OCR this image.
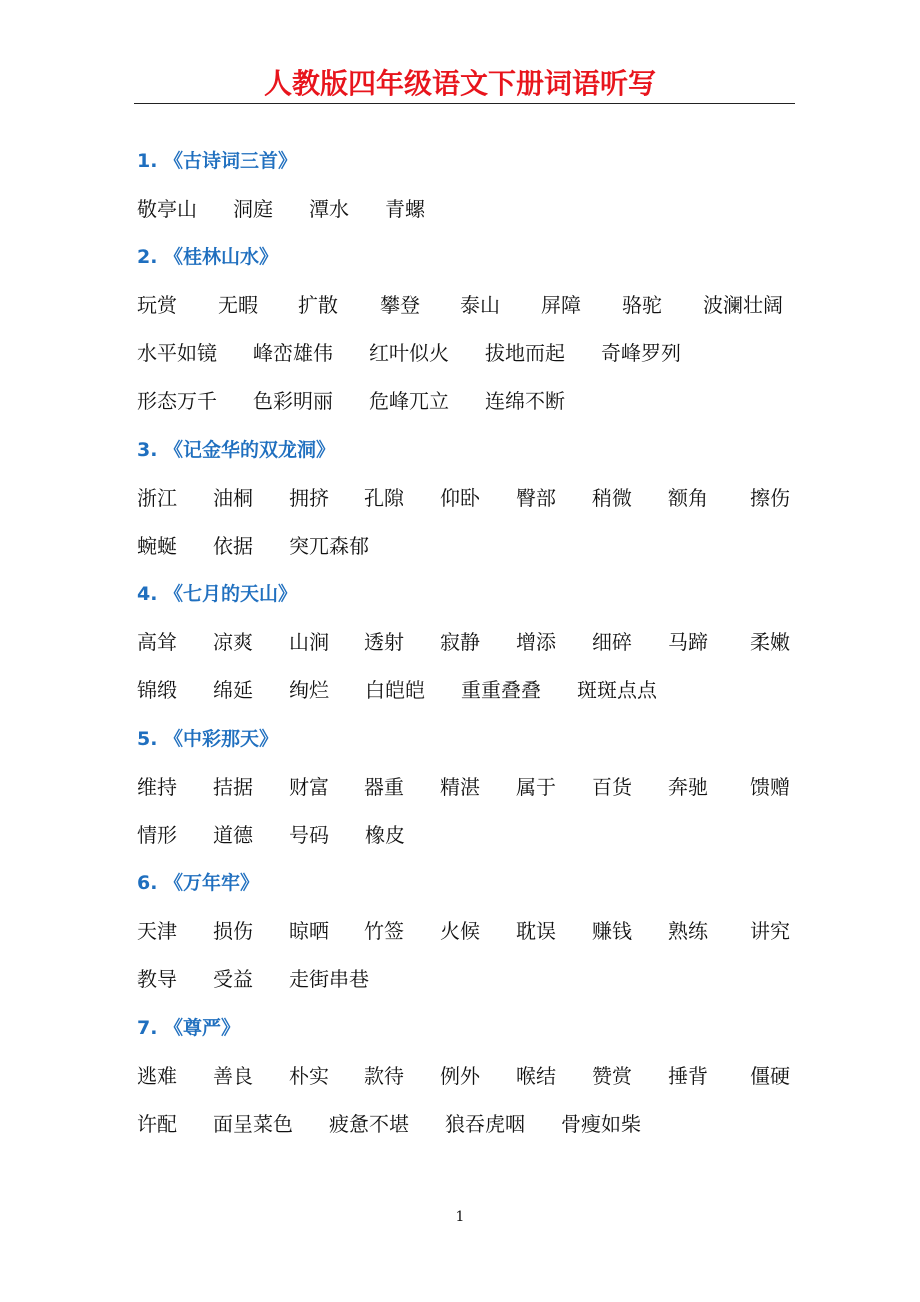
人教版四年级语文下册词语听写
1. 《古诗词三首》
敬亭山 洞庭 潭水 青螺
2. 《桂林山水》
玩赏 无暇 扩散 攀登 泰山 屏障 骆驼 波澜壮阔
水平如镜 峰峦雄伟 红叶似火 拔地而起 奇峰罗列
形态万千 色彩明丽 危峰兀立 连绵不断
3. 《记金华的双龙洞》
浙江 油桐 拥挤 孔隙 仰卧 臀部 稍微 额角 擦伤
蜿蜒 依据 突兀森郁
4. 《七月的天山》
高耸 凉爽 山涧 透射 寂静 增添 细碎 马蹄 柔嫩
锦缎 绵延 绚烂 白皑皑 重重叠叠 斑斑点点
5. 《中彩那天》
维持 拮据 财富 器重 精湛 属于 百货 奔驰 馈赠
情形 道德 号码 橡皮
6. 《万年牢》
天津 损伤 晾晒 竹签 火候 耽误 赚钱 熟练 讲究
教导 受益 走街串巷
7. 《尊严》
逃难 善良 朴实 款待 例外 喉结 赞赏 捶背 僵硬
许配 面呈菜色 疲惫不堪 狼吞虎咽 骨瘦如柴
1
